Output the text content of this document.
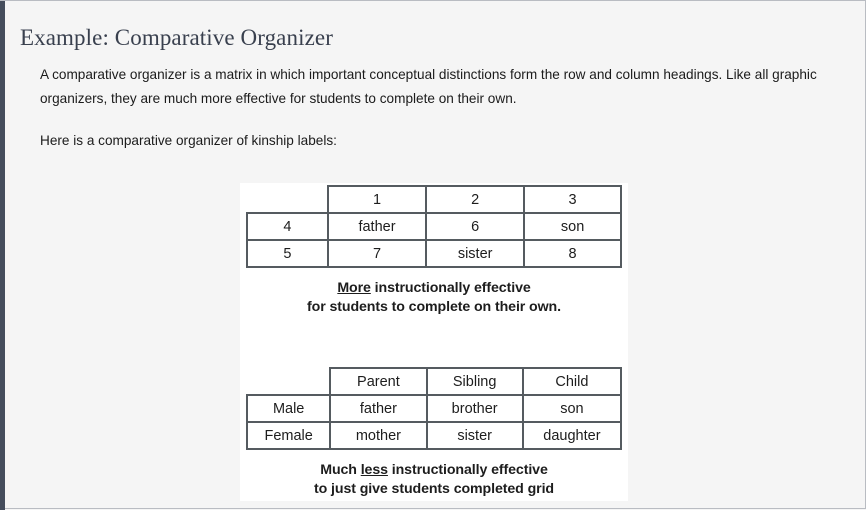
Example: Comparative Organizer

A comparative organizer is a matrix in which important conceptual distinctions form the row and column headings. Like all graphic organizers, they are much more effective for students to complete on their own.

Here is a comparative organizer of kinship labels:

	1	2	3
4	father	6	son
5	7	sister	8
More instructionally effective
for students to complete on their own.
	Parent	Sibling	Child
Male	father	brother	son
Female	mother	sister	daughter
Much less instructionally effective
to just give students completed grid
